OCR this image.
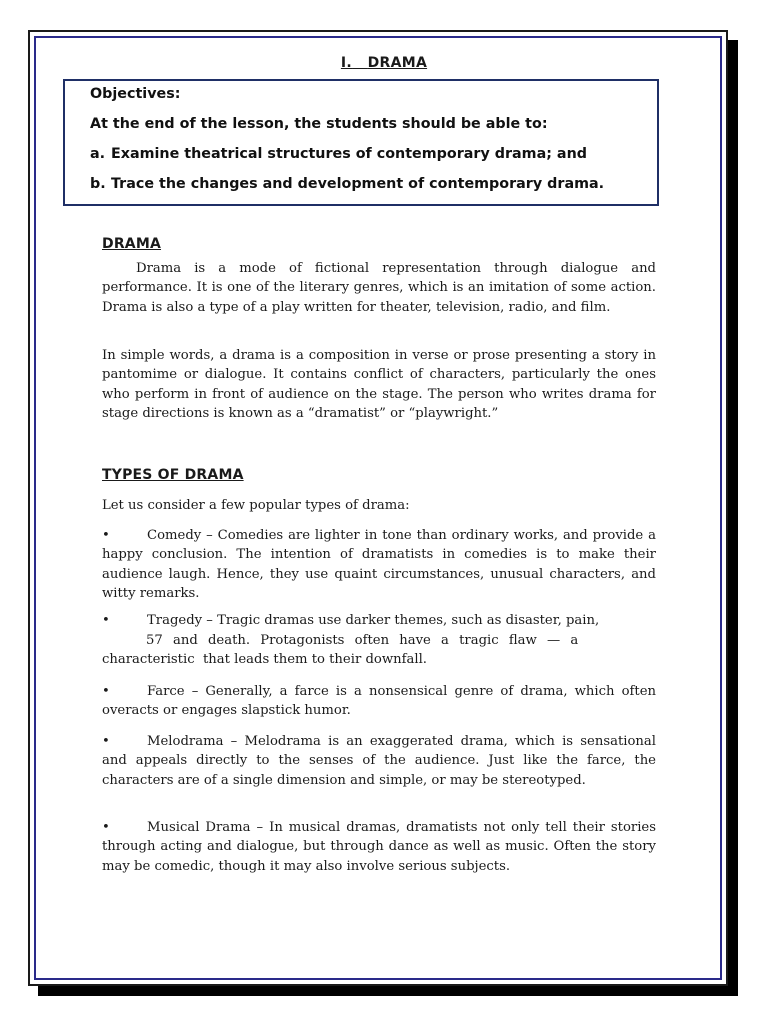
I. DRAMA
Objectives:
At the end of the lesson, the students should be able to:
a. Examine theatrical structures of contemporary drama; and
b. Trace the changes and development of contemporary drama.
DRAMA

Drama is a mode of fictional representation through dialogue and performance. It is one of the literary genres, which is an imitation of some action. Drama is also a type of a play written for theater, television, radio, and film.

In simple words, a drama is a composition in verse or prose presenting a story in pantomime or dialogue. It contains conflict of characters, particularly the ones who perform in front of audience on the stage. The person who writes drama for stage directions is known as a “dramatist” or “playwright.”

TYPES OF DRAMA

Let us consider a few popular types of drama:

•	Comedy – Comedies are lighter in tone than ordinary works, and provide a happy conclusion. The intention of dramatists in comedies is to make their audience laugh. Hence, they use quaint circumstances, unusual characters, and witty remarks.

•	Tragedy – Tragic dramas use darker themes, such as disaster, pain,
57 and death. Protagonists often have a tragic flaw — a
characteristic  that leads them to their downfall.

•	Farce – Generally, a farce is a nonsensical genre of drama, which often overacts or engages slapstick humor.

•	Melodrama – Melodrama is an exaggerated drama, which is sensational and appeals directly to the senses of the audience. Just like the farce, the characters are of a single dimension and simple, or may be stereotyped.

•	Musical Drama – In musical dramas, dramatists not only tell their stories through acting and dialogue, but through dance as well as music. Often the story may be comedic, though it may also involve serious subjects.
